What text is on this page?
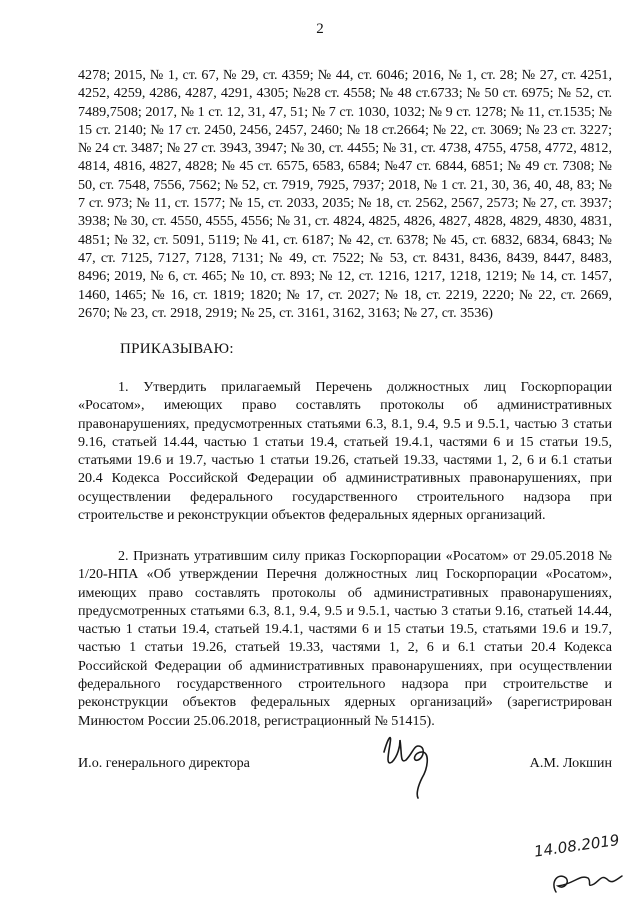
2

4278; 2015, № 1, ст. 67, № 29, ст. 4359; № 44, ст. 6046; 2016, № 1, ст. 28; № 27, ст. 4251, 4252, 4259, 4286, 4287, 4291, 4305; №28 ст. 4558; № 48 ст.6733; № 50 ст. 6975; № 52, ст. 7489,7508; 2017, № 1 ст. 12, 31, 47, 51; № 7 ст. 1030, 1032; № 9 ст. 1278; № 11, ст.1535; № 15 ст. 2140; № 17 ст. 2450, 2456, 2457, 2460; № 18 ст.2664; № 22, ст. 3069; № 23 ст. 3227; № 24 ст. 3487; № 27 ст. 3943, 3947; № 30, ст. 4455; № 31, ст. 4738, 4755, 4758, 4772, 4812, 4814, 4816, 4827, 4828; № 45 ст. 6575, 6583, 6584; №47 ст. 6844, 6851; № 49 ст. 7308; № 50, ст. 7548, 7556, 7562; № 52, ст. 7919, 7925, 7937; 2018, № 1 ст. 21, 30, 36, 40, 48, 83; № 7 ст. 973; № 11, ст. 1577; № 15, ст. 2033, 2035; № 18, ст. 2562, 2567, 2573; № 27, ст. 3937; 3938; № 30, ст. 4550, 4555, 4556; № 31, ст. 4824, 4825, 4826, 4827, 4828, 4829, 4830, 4831, 4851; № 32, ст. 5091, 5119; № 41, ст. 6187; № 42, ст. 6378; № 45, ст. 6832, 6834, 6843; № 47, ст. 7125, 7127, 7128, 7131; № 49, ст. 7522; № 53, ст. 8431, 8436, 8439, 8447, 8483, 8496; 2019, № 6, ст. 465; № 10, ст. 893; № 12, ст. 1216, 1217, 1218, 1219; № 14, ст. 1457, 1460, 1465; № 16, ст. 1819; 1820; № 17, ст. 2027; № 18, ст. 2219, 2220; № 22, ст. 2669, 2670; № 23, ст. 2918, 2919; № 25, ст. 3161, 3162, 3163; № 27, ст. 3536)

ПРИКАЗЫВАЮ:

1. Утвердить прилагаемый Перечень должностных лиц Госкорпорации «Росатом», имеющих право составлять протоколы об административных правонарушениях, предусмотренных статьями 6.3, 8.1, 9.4, 9.5 и 9.5.1, частью 3 статьи 9.16, статьей 14.44, частью 1 статьи 19.4, статьей 19.4.1, частями 6 и 15 статьи 19.5, статьями 19.6 и 19.7, частью 1 статьи 19.26, статьей 19.33, частями 1, 2, 6 и 6.1 статьи 20.4 Кодекса Российской Федерации об административных правонарушениях, при осуществлении федерального государственного строительного надзора при строительстве и реконструкции объектов федеральных ядерных организаций.

2. Признать утратившим силу приказ Госкорпорации «Росатом» от 29.05.2018 № 1/20-НПА «Об утверждении Перечня должностных лиц Госкорпорации «Росатом», имеющих право составлять протоколы об административных правонарушениях, предусмотренных статьями 6.3, 8.1, 9.4, 9.5 и 9.5.1, частью 3 статьи 9.16, статьей 14.44, частью 1 статьи 19.4, статьей 19.4.1, частями 6 и 15 статьи 19.5, статьями 19.6 и 19.7, частью 1 статьи 19.26, статьей 19.33, частями 1, 2, 6 и 6.1 статьи 20.4 Кодекса Российской Федерации об административных правонарушениях, при осуществлении федерального государственного строительного надзора при строительстве и реконструкции объектов федеральных ядерных организаций» (зарегистрирован Минюстом России 25.06.2018, регистрационный № 51415).

И.о. генерального директора	А.М. Локшин
14.08.2019
